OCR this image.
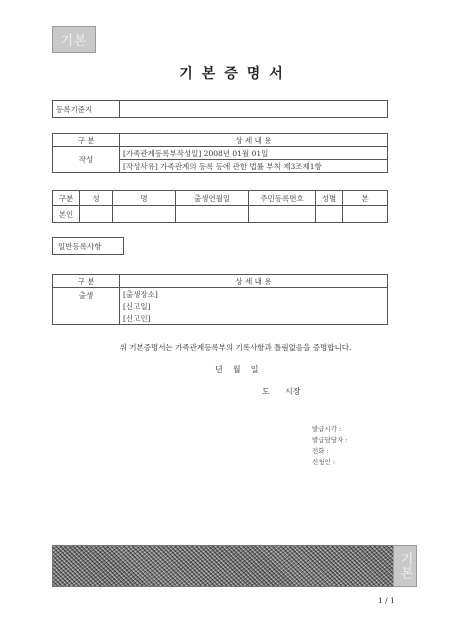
기본
기본증명서
등록기준지	
구 분	상 세 내 용
작성	[가족관계등록부작성일] 2008년 01월 01일
	[작성사유] 가족관계의 등록 등에 관한 법률 부칙 제3조제1항
구분	성	명	출생연월일	주민등록번호	성별	본
본인						
일반등록사항
구 분	상 세 내 용
출생	[출생장소]
	[신고일]
	[신고인]
위 기본증명서는 가족관계등록부의 기록사항과 틀림없음을 증명합니다.
년    월    일
도      시장
발급시각 :
발급담당자 :
전화 :
신청인 :
기본
1 / 1
